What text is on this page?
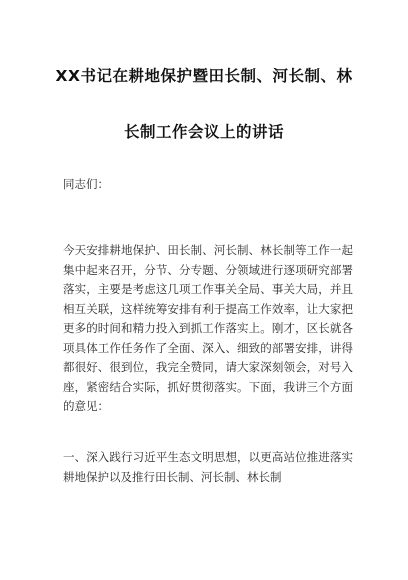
XX书记在耕地保护暨田长制、河长制、林
长制工作会议上的讲话
同志们：
今天安排耕地保护、田长制、河长制、林长制等工作一起
集中起来召开，分节、分专题、分领域进行逐项研究部署
落实，主要是考虑这几项工作事关全局、事关大局，并且
相互关联，这样统筹安排有利于提高工作效率，让大家把
更多的时间和精力投入到抓工作落实上。刚才，区长就各
项具体工作任务作了全面、深入、细致的部署安排，讲得
都很好、很到位，我完全赞同，请大家深刻领会，对号入
座，紧密结合实际，抓好贯彻落实。下面，我讲三个方面
的意见：
一、深入践行习近平生态文明思想，以更高站位推进落实
耕地保护以及推行田长制、河长制、林长制
